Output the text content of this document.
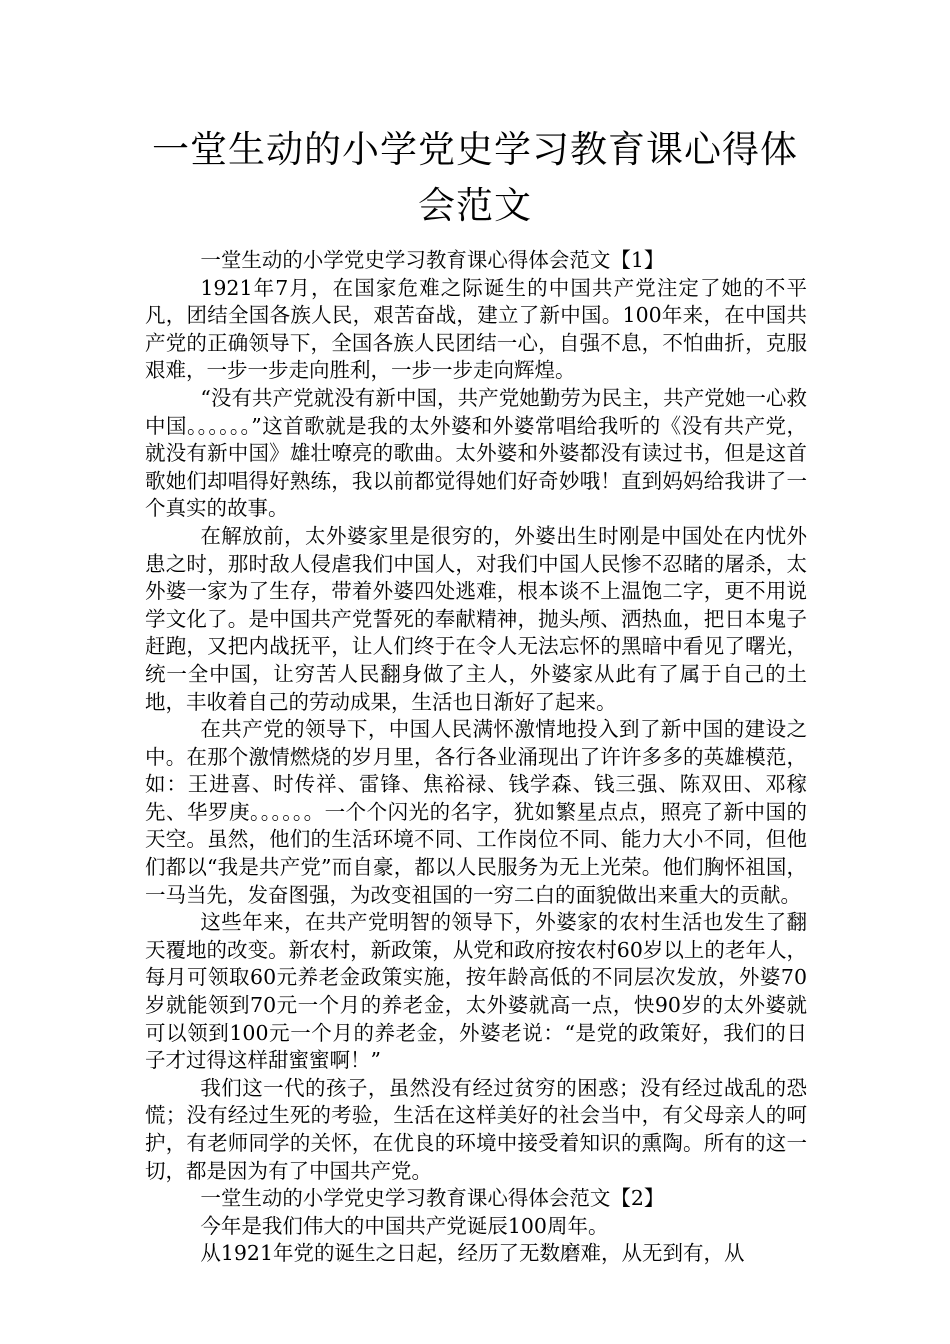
一堂生动的小学党史学习教育课心得体会范文

一堂生动的小学党史学习教育课心得体会范文【1】

1921年7月，在国家危难之际诞生的中国共产党注定了她的不平凡，团结全国各族人民，艰苦奋战，建立了新中国。100年来，在中国共产党的正确领导下，全国各族人民团结一心，自强不息，不怕曲折，克服艰难，一步一步走向胜利，一步一步走向辉煌。

“没有共产党就没有新中国，共产党她勤劳为民主，共产党她一心救中国。。。。。。”这首歌就是我的太外婆和外婆常唱给我听的《没有共产党，就没有新中国》雄壮嘹亮的歌曲。太外婆和外婆都没有读过书，但是这首歌她们却唱得好熟练，我以前都觉得她们好奇妙哦！直到妈妈给我讲了一个真实的故事。

在解放前，太外婆家里是很穷的，外婆出生时刚是中国处在内忧外患之时，那时敌人侵虐我们中国人，对我们中国人民惨不忍睹的屠杀，太外婆一家为了生存，带着外婆四处逃难，根本谈不上温饱二字，更不用说学文化了。是中国共产党誓死的奉献精神，抛头颅、洒热血，把日本鬼子赶跑，又把内战抚平，让人们终于在令人无法忘怀的黑暗中看见了曙光，统一全中国，让穷苦人民翻身做了主人，外婆家从此有了属于自己的土地，丰收着自己的劳动成果，生活也日渐好了起来。

在共产党的领导下，中国人民满怀激情地投入到了新中国的建设之中。在那个激情燃烧的岁月里，各行各业涌现出了许许多多的英雄模范，如：王进喜、时传祥、雷锋、焦裕禄、钱学森、钱三强、陈双田、邓稼先、华罗庚。。。。。。一个个闪光的名字，犹如繁星点点，照亮了新中国的天空。虽然，他们的生活环境不同、工作岗位不同、能力大小不同，但他们都以“我是共产党”而自豪，都以人民服务为无上光荣。他们胸怀祖国，一马当先，发奋图强，为改变祖国的一穷二白的面貌做出来重大的贡献。

这些年来，在共产党明智的领导下，外婆家的农村生活也发生了翻天覆地的改变。新农村，新政策，从党和政府按农村60岁以上的老年人，每月可领取60元养老金政策实施，按年龄高低的不同层次发放，外婆70岁就能领到70元一个月的养老金，太外婆就高一点，快90岁的太外婆就可以领到100元一个月的养老金，外婆老说：“是党的政策好，我们的日子才过得这样甜蜜蜜啊！”

我们这一代的孩子，虽然没有经过贫穷的困惑；没有经过战乱的恐慌；没有经过生死的考验，生活在这样美好的社会当中，有父母亲人的呵护，有老师同学的关怀，在优良的环境中接受着知识的熏陶。所有的这一切，都是因为有了中国共产党。

一堂生动的小学党史学习教育课心得体会范文【2】

今年是我们伟大的中国共产党诞辰100周年。

从1921年党的诞生之日起，经历了无数磨难，从无到有，从
